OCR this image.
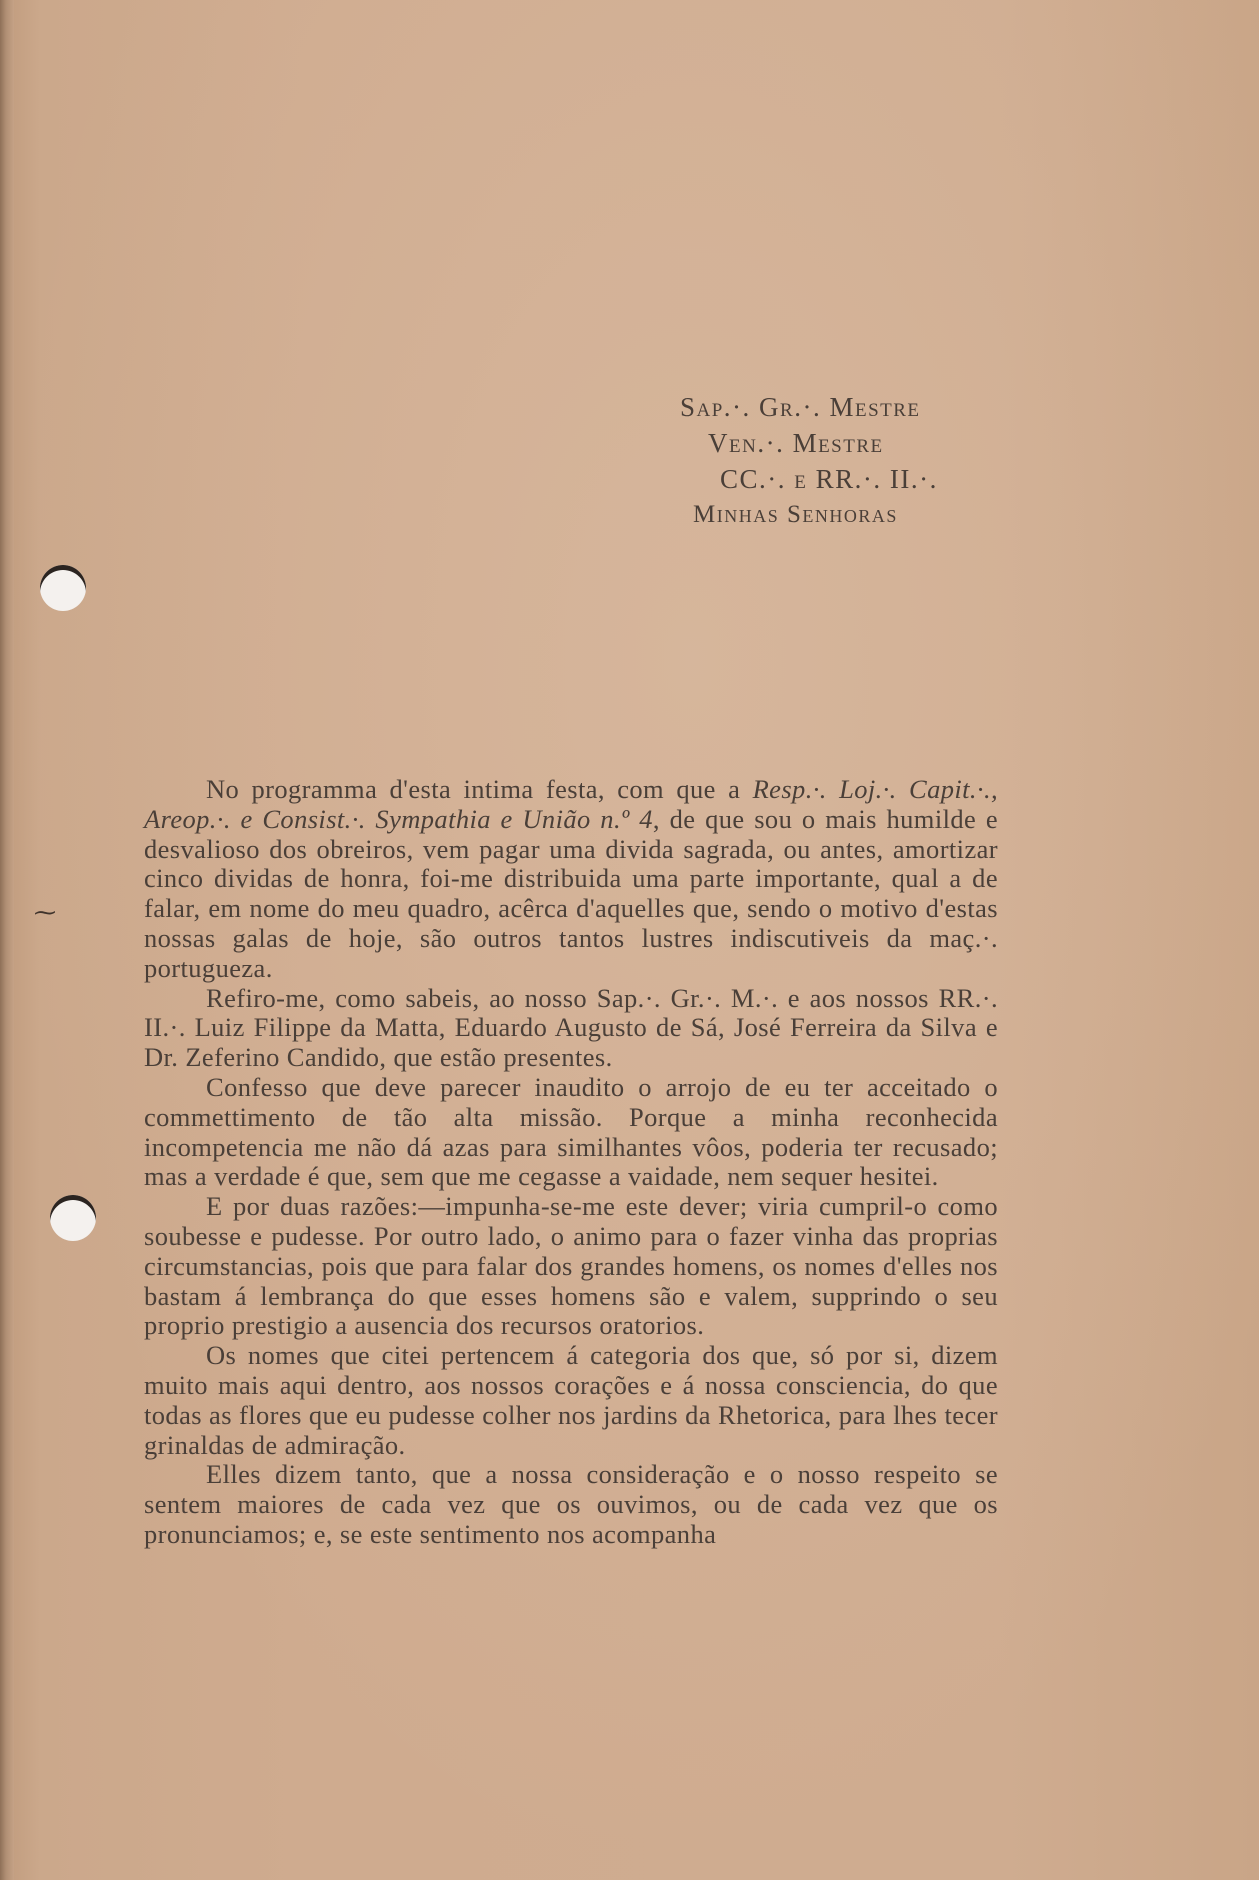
⁓
Sap.·. Gr.·. Mestre
Ven.·. Mestre
CC.·. e RR.·. II.·.
Minhas Senhoras

No programma d'esta intima festa, com que a Resp.·. Loj.·. Capit.·., Areop.·. e Consist.·. Sympathia e União n.º 4, de que sou o mais humilde e desvalioso dos obreiros, vem pagar uma divida sagrada, ou antes, amortizar cinco dividas de honra, foi-me distribuida uma parte importante, qual a de falar, em nome do meu quadro, acêrca d'aquelles que, sendo o motivo d'estas nossas galas de hoje, são outros tantos lustres indiscutiveis da maç.·. portugueza.

Refiro-me, como sabeis, ao nosso Sap.·. Gr.·. M.·. e aos nossos RR.·. II.·. Luiz Filippe da Matta, Eduardo Augusto de Sá, José Ferreira da Silva e Dr. Zeferino Candido, que estão presentes.

Confesso que deve parecer inaudito o arrojo de eu ter acceitado o commettimento de tão alta missão. Porque a minha reconhecida incompetencia me não dá azas para similhantes vôos, poderia ter recusado; mas a verdade é que, sem que me cegasse a vaidade, nem sequer hesitei.

E por duas razões:—impunha-se-me este dever; viria cumpril-o como soubesse e pudesse. Por outro lado, o animo para o fazer vinha das proprias circumstancias, pois que para falar dos grandes homens, os nomes d'elles nos bastam á lembrança do que esses homens são e valem, supprindo o seu proprio prestigio a ausencia dos recursos oratorios.

Os nomes que citei pertencem á categoria dos que, só por si, dizem muito mais aqui dentro, aos nossos corações e á nossa consciencia, do que todas as flores que eu pudesse colher nos jardins da Rhetorica, para lhes tecer grinaldas de admiração.

Elles dizem tanto, que a nossa consideração e o nosso respeito se sentem maiores de cada vez que os ouvimos, ou de cada vez que os pronunciamos; e, se este sentimento nos acompanha
